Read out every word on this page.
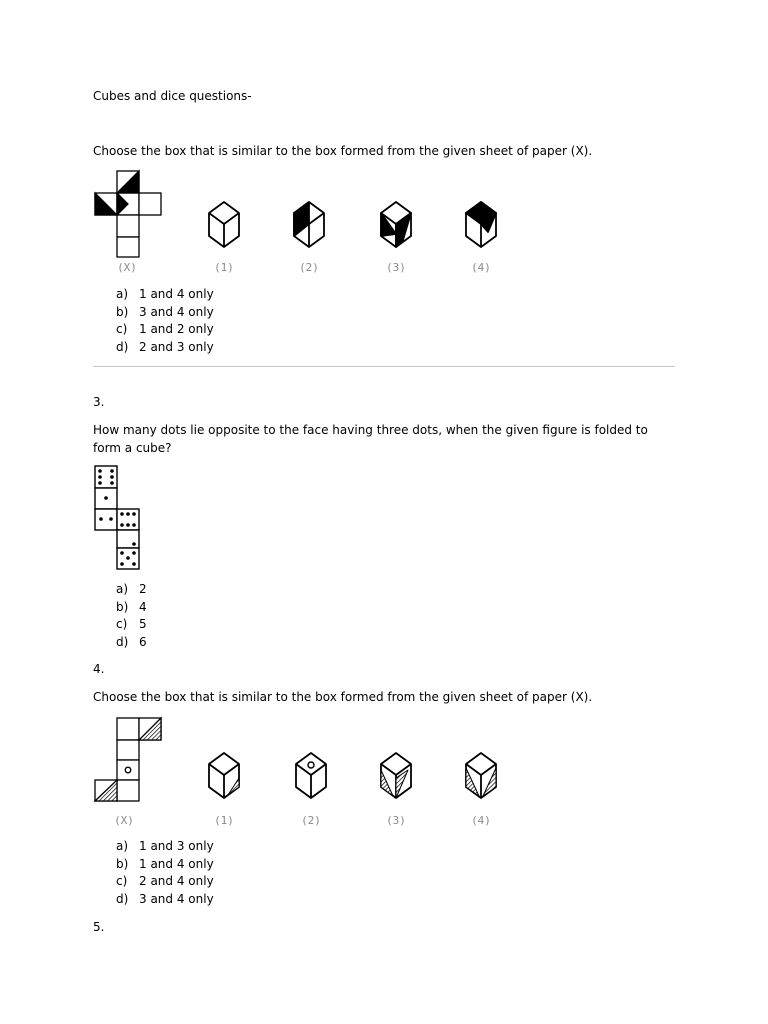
Cubes and dice questions-
Choose the box that is similar to the box formed from the given sheet of paper (X).
(X)	(1)	(2)	(3)	(4)
a) 1 and 4 only
b) 3 and 4 only
c) 1 and 2 only
d) 2 and 3 only
3.
How many dots lie opposite to the face having three dots, when the given figure is folded to form a cube?
a) 2
b) 4
c) 5
d) 6
4.
Choose the box that is similar to the box formed from the given sheet of paper (X).
(X)	(1)	(2)	(3)	(4)
a) 1 and 3 only
b) 1 and 4 only
c) 2 and 4 only
d) 3 and 4 only
5.
